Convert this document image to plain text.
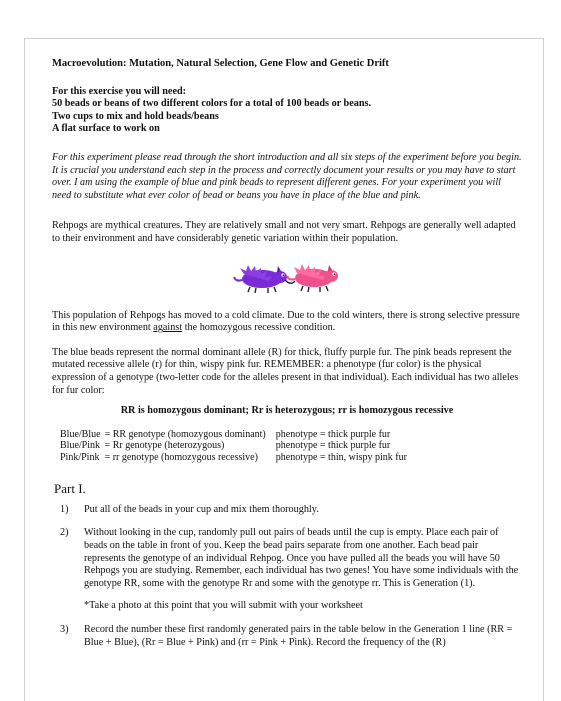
Macroevolution: Mutation, Natural Selection, Gene Flow and Genetic Drift

For this exercise you will need:
50 beads or beans of two different colors for a total of 100 beads or beans.
Two cups to mix and hold beads/beans
A flat surface to work on

For this experiment please read through the short introduction and all six steps of the experiment before you begin. It is crucial you understand each step in the process and correctly document your results or you may have to start over. I am using the example of blue and pink beads to represent different genes. For your experiment you will need to substitute what ever color of bead or beans you have in place of the blue and pink.

Rehpogs are mythical creatures. They are relatively small and not very smart. Rehpogs are generally well adapted to their environment and have considerably genetic variation within their population.

This population of Rehpogs has moved to a cold climate. Due to the cold winters, there is strong selective pressure in this new environment against the homozygous recessive condition.

The blue beads represent the normal dominant allele (R) for thick, fluffy purple fur. The pink beads represent the mutated recessive allele (r) for thin, wispy pink fur. REMEMBER: a phenotype (fur color) is the physical expression of a genotype (two-letter code for the alleles present in that individual). Each individual has two alleles for fur color:

RR is homozygous dominant; Rr is heterozygous; rr is homozygous recessive

Blue/Blue	= RR genotype (homozygous dominant)	phenotype = thick purple fur
Blue/Pink	= Rr genotype (heterozygous)	phenotype = thick purple fur
Pink/Pink	= rr genotype (homozygous recessive)	phenotype = thin, wispy pink fur
Part I.
1)	Put all of the beads in your cup and mix them thoroughly.
2)	Without looking in the cup, randomly pull out pairs of beads until the cup is empty. Place each pair of beads on the table in front of you. Keep the bead pairs separate from one another. Each bead pair represents the genotype of an individual Rehpog. Once you have pulled all the beads you will have 50 Rehpogs you are studying. Remember, each individual has two genes! You have some individuals with the genotype RR, some with the genotype Rr and some with the genotype rr. This is Generation (1).
*Take a photo at this point that you will submit with your worksheet
3)	Record the number these first randomly generated pairs in the table below in the Generation 1 line (RR = Blue + Blue), (Rr = Blue + Pink) and (rr = Pink + Pink). Record the frequency of the (R)
